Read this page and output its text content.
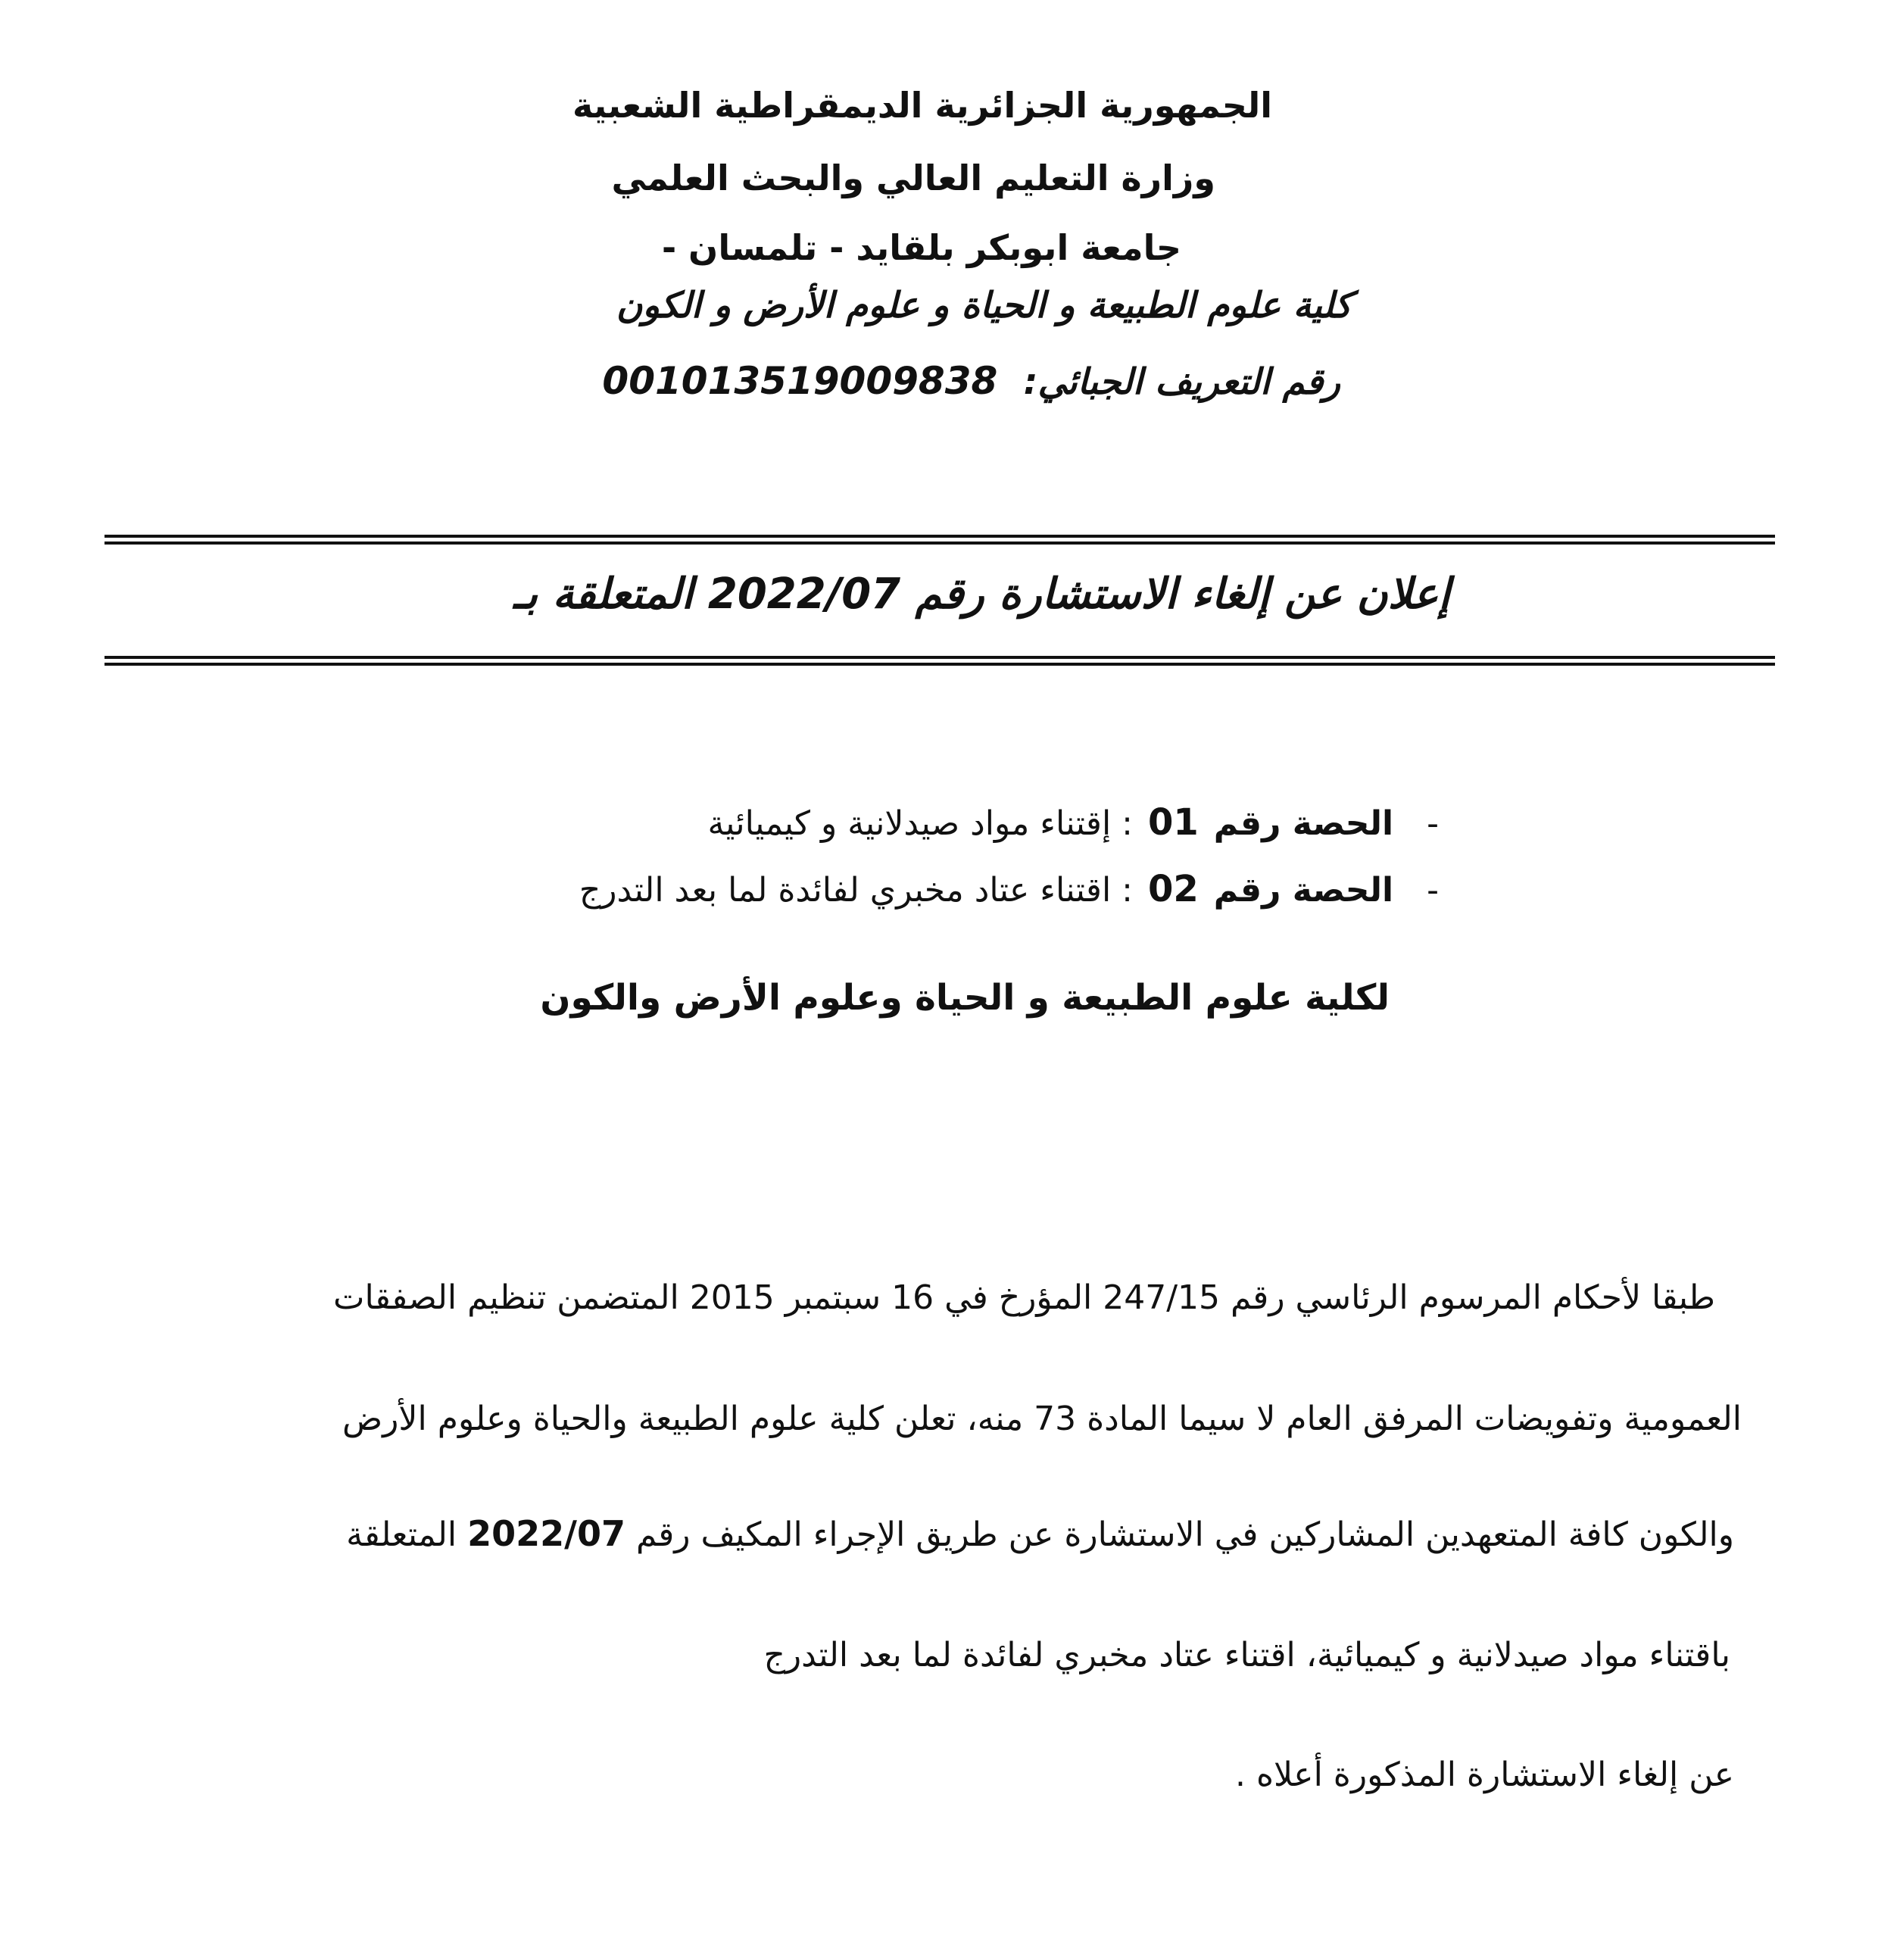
الجمهورية الجزائرية الديمقراطية الشعبية
وزارة التعليم العالي والبحث العلمي
جامعة ابوبكر بلقايد - تلمسان -
كلية علوم الطبيعة و الحياة و علوم الأرض و الكون
رقم التعريف الجبائي: 001013519009838
إعلان عن إلغاء الاستشارة رقم 2022/07 المتعلقة بـ
-الحصة رقم 01 : إقتناء مواد صيدلانية و كيميائية
-الحصة رقم 02 : اقتناء عتاد مخبري لفائدة لما بعد التدرج
لكلية علوم الطبيعة و الحياة وعلوم الأرض والكون
طبقا لأحكام المرسوم الرئاسي رقم 247/15 المؤرخ في 16 سبتمبر 2015 المتضمن تنظيم الصفقات
العمومية وتفويضات المرفق العام لا سيما المادة 73 منه، تعلن كلية علوم الطبيعة والحياة وعلوم الأرض
والكون كافة المتعهدين المشاركين في الاستشارة عن طريق الإجراء المكيف رقم 2022/07 المتعلقة
باقتناء مواد صيدلانية و كيميائية، اقتناء عتاد مخبري لفائدة لما بعد التدرج
عن إلغاء الاستشارة المذكورة أعلاه .
